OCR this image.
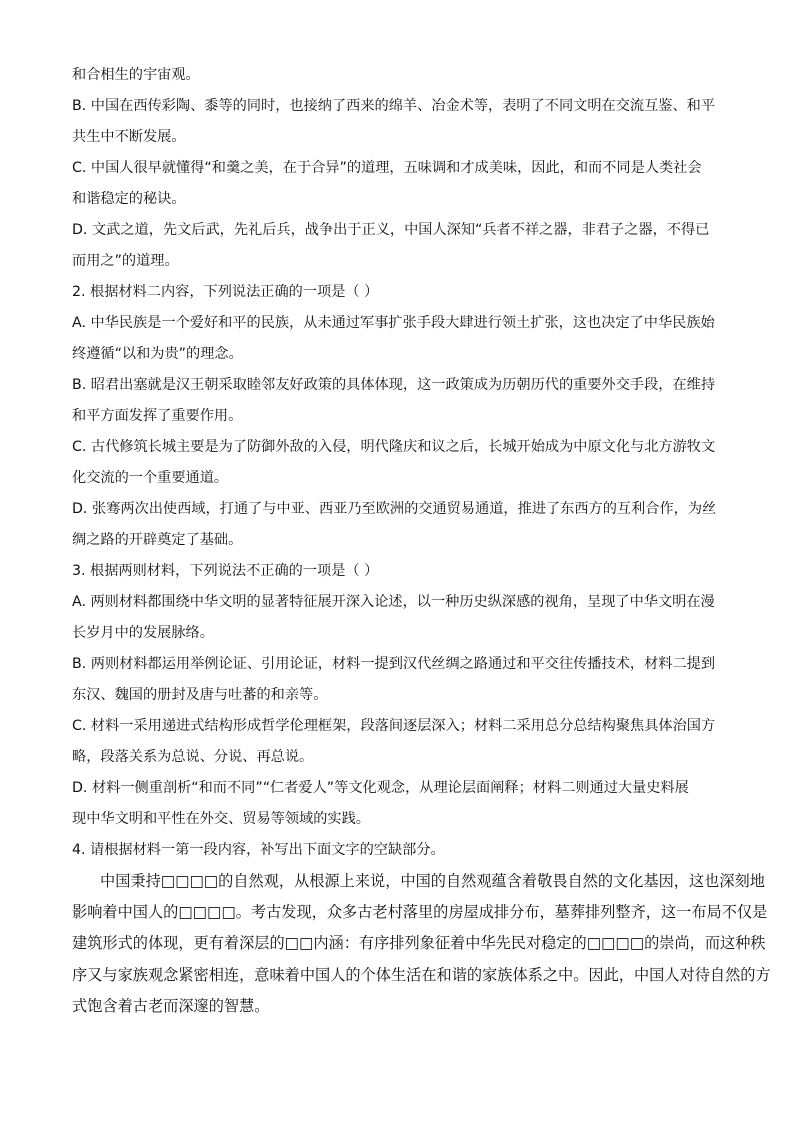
和合相生的宇宙观。
B. 中国在西传彩陶、黍等的同时，也接纳了西来的绵羊、冶金术等，表明了不同文明在交流互鉴、和平
共生中不断发展。
C. 中国人很早就懂得“和羹之美，在于合异”的道理，五味调和才成美味，因此，和而不同是人类社会
和谐稳定的秘诀。
D. 文武之道，先文后武，先礼后兵，战争出于正义，中国人深知“兵者不祥之器，非君子之器，不得已
而用之”的道理。
2. 根据材料二内容，下列说法正确的一项是（ ）
A. 中华民族是一个爱好和平的民族，从未通过军事扩张手段大肆进行领土扩张，这也决定了中华民族始
终遵循“以和为贵”的理念。
B. 昭君出塞就是汉王朝采取睦邻友好政策的具体体现，这一政策成为历朝历代的重要外交手段，在维持
和平方面发挥了重要作用。
C. 古代修筑长城主要是为了防御外敌的入侵，明代隆庆和议之后，长城开始成为中原文化与北方游牧文
化交流的一个重要通道。
D. 张骞两次出使西域，打通了与中亚、西亚乃至欧洲的交通贸易通道，推进了东西方的互利合作，为丝
绸之路的开辟奠定了基础。
3. 根据两则材料，下列说法不正确的一项是（ ）
A. 两则材料都围绕中华文明的显著特征展开深入论述，以一种历史纵深感的视角，呈现了中华文明在漫
长岁月中的发展脉络。
B. 两则材料都运用举例论证、引用论证，材料一提到汉代丝绸之路通过和平交往传播技术，材料二提到
东汉、魏国的册封及唐与吐蕃的和亲等。
C. 材料一采用递进式结构形成哲学伦理框架，段落间逐层深入；材料二采用总分总结构聚焦具体治国方
略，段落关系为总说、分说、再总说。
D. 材料一侧重剖析“和而不同”“仁者爱人”等文化观念，从理论层面阐释；材料二则通过大量史料展
现中华文明和平性在外交、贸易等领域的实践。
4. 请根据材料一第一段内容，补写出下面文字的空缺部分。
中国秉持□□□□的自然观，从根源上来说，中国的自然观蕴含着敬畏自然的文化基因，这也深刻地
影响着中国人的□□□□。考古发现，众多古老村落里的房屋成排分布，墓葬排列整齐，这一布局不仅是
建筑形式的体现，更有着深层的□□内涵：有序排列象征着中华先民对稳定的□□□□的崇尚，而这种秩
序又与家族观念紧密相连，意味着中国人的个体生活在和谐的家族体系之中。因此，中国人对待自然的方
式饱含着古老而深邃的智慧。
